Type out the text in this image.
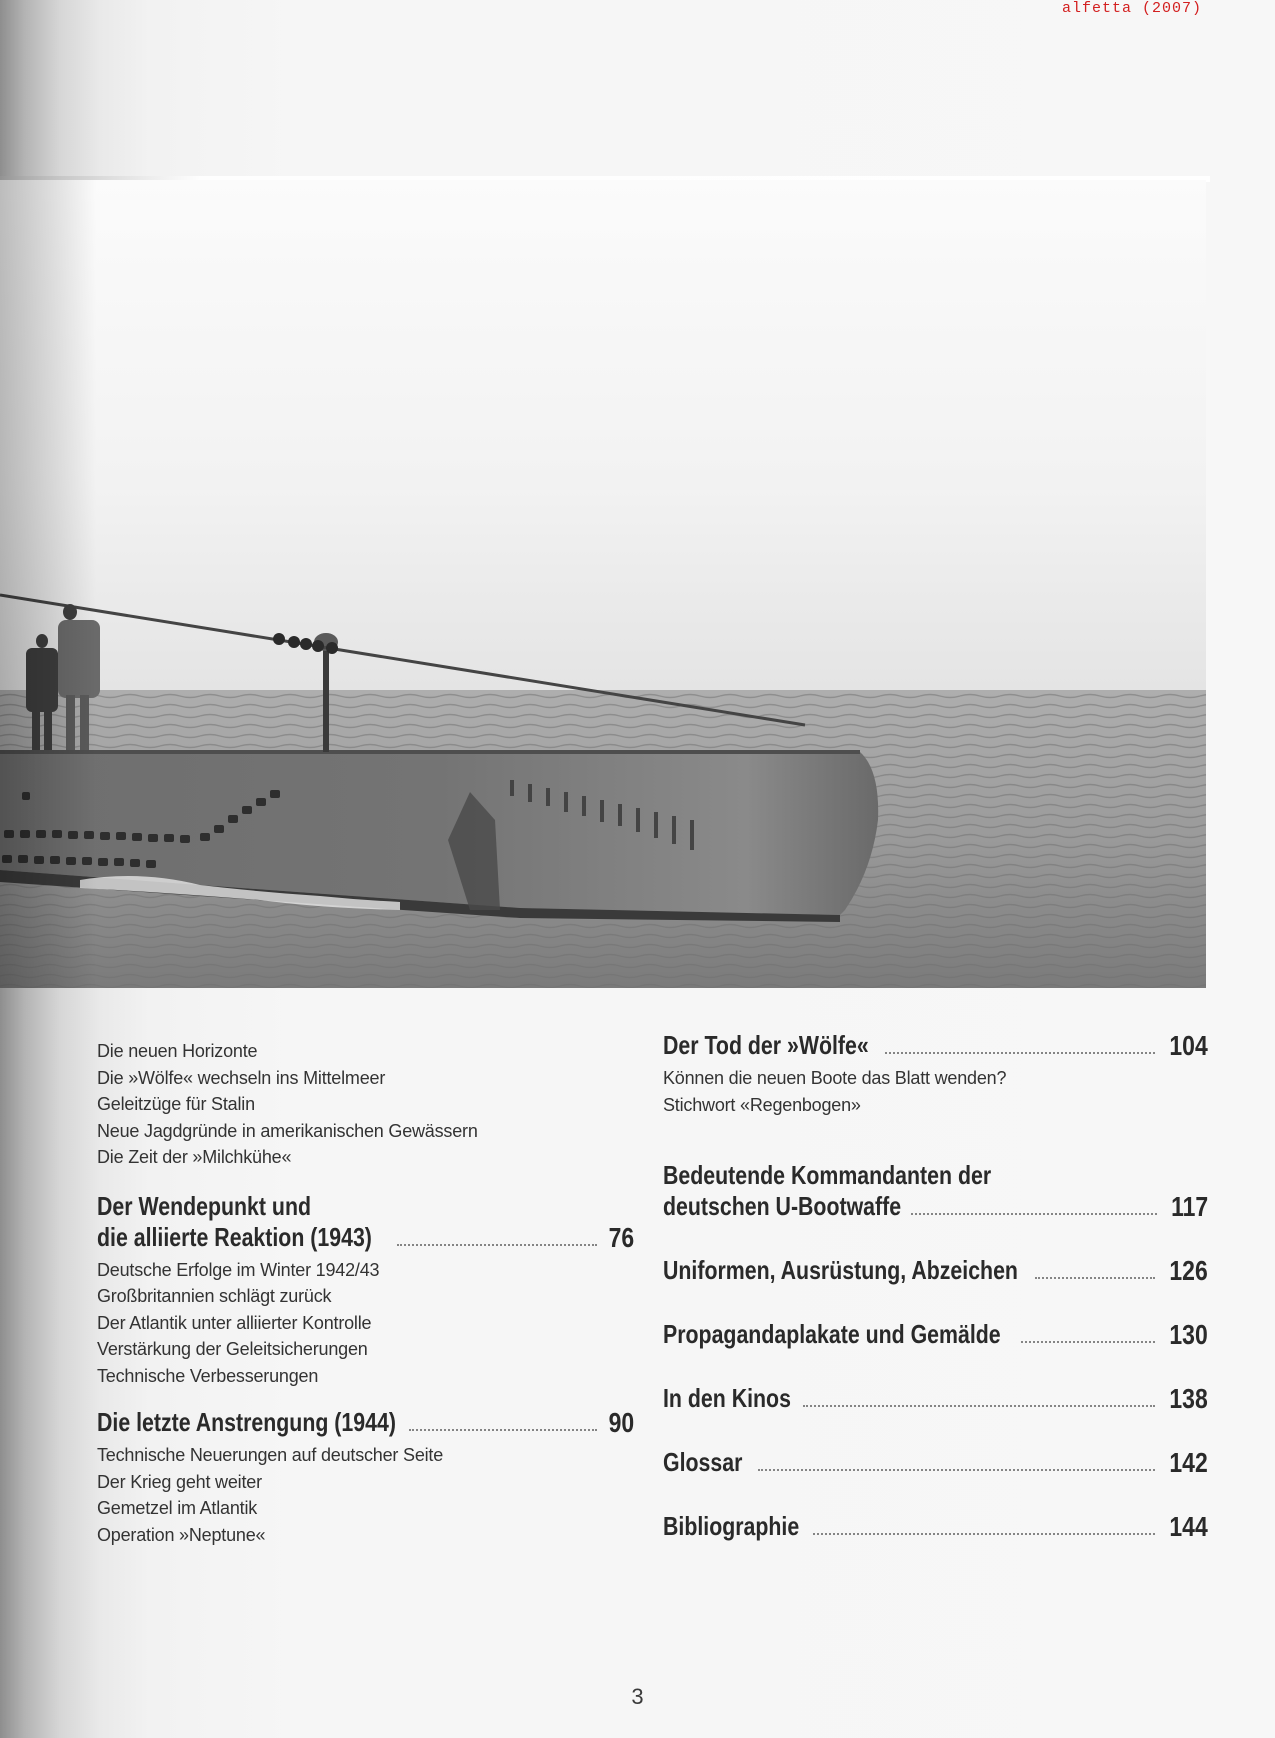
alfetta (2007)
Die neuen Horizonte
Die »Wölfe« wechseln ins Mittelmeer
Geleitzüge für Stalin
Neue Jagdgründe in amerikanischen Gewässern
Die Zeit der »Milchkühe«
Der Wendepunkt und
die alliierte Reaktion (1943)	76
Deutsche Erfolge im Winter 1942/43
Großbritannien schlägt zurück
Der Atlantik unter alliierter Kontrolle
Verstärkung der Geleitsicherungen
Technische Verbesserungen
Die letzte Anstrengung (1944)	90
Technische Neuerungen auf deutscher Seite
Der Krieg geht weiter
Gemetzel im Atlantik
Operation »Neptune«
Der Tod der »Wölfe«	104
Können die neuen Boote das Blatt wenden?
Stichwort «Regenbogen»
Bedeutende Kommandanten der
deutschen U-Bootwaffe	117
Uniformen, Ausrüstung, Abzeichen	126
Propagandaplakate und Gemälde	130
In den Kinos	138
Glossar	142
Bibliographie	144
3
